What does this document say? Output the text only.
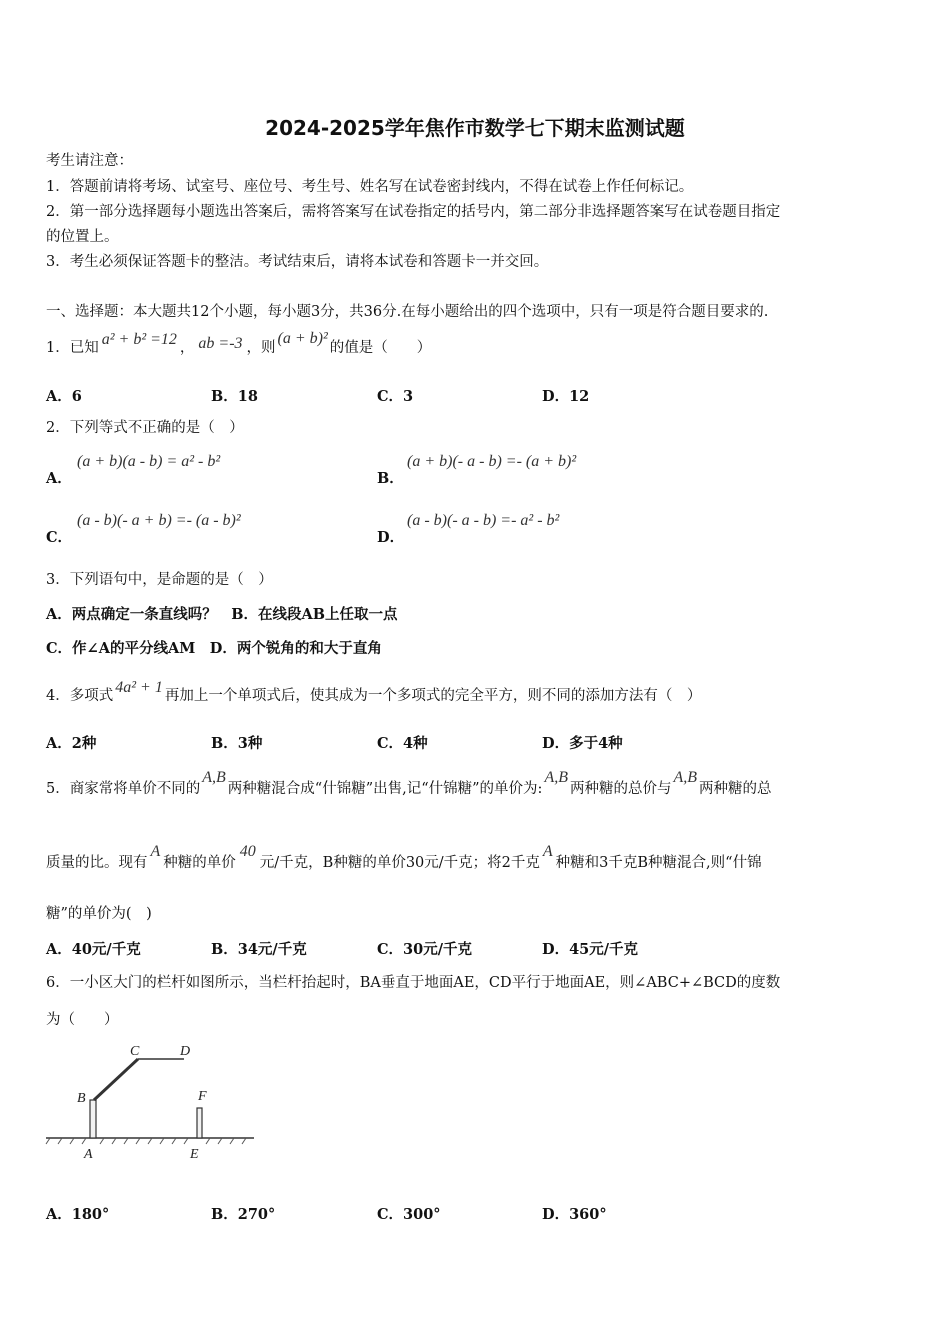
2024-2025学年焦作市数学七下期末监测试题
考生请注意：
1．答题前请将考场、试室号、座位号、考生号、姓名写在试卷密封线内，不得在试卷上作任何标记。
2．第一部分选择题每小题选出答案后，需将答案写在试卷指定的括号内，第二部分非选择题答案写在试卷题目指定
的位置上。
3．考生必须保证答题卡的整洁。考试结束后，请将本试卷和答题卡一并交回。
一、选择题：本大题共12个小题，每小题3分，共36分.在每小题给出的四个选项中，只有一项是符合题目要求的.
1．已知 a² + b² =12 ， ab =-3 ，则(a + b)²的值是（　　）
A．6	B．18	C．3	D．12
2．下列等式不正确的是（　）
A．
(a + b)(a - b) = a² - b²
B．
(a + b)(- a - b) =- (a + b)²
C．
(a - b)(- a + b) =- (a - b)²
D．
(a - b)(- a - b) =- a² - b²
3．下列语句中，是命题的是（　）
A．两点确定一条直线吗？　B．在线段AB上任取一点
C．作∠A的平分线AM　D．两个锐角的和大于直角
4．多项式 4a² + 1 再加上一个单项式后，使其成为一个多项式的完全平方，则不同的添加方法有（　）
A．2种	B．3种	C．4种	D．多于4种
5．商家常将单价不同的A,B两种糖混合成“什锦糖”出售,记“什锦糖”的单价为:A,B两种糖的总价与A,B两种糖的总
质量的比。现有A种糖的单价40元/千克，B种糖的单价30元/千克；将2千克A种糖和3千克B种糖混合,则“什锦
糖”的单价为(　)
A．40元/千克	B．34元/千克	C．30元/千克	D．45元/千克
6．一小区大门的栏杆如图所示，当栏杆抬起时，BA垂直于地面AE，CD平行于地面AE，则∠ABC+∠BCD的度数
为（　　）
C	D
B	F
A	E
A．180°	B．270°	C．300°	D．360°
